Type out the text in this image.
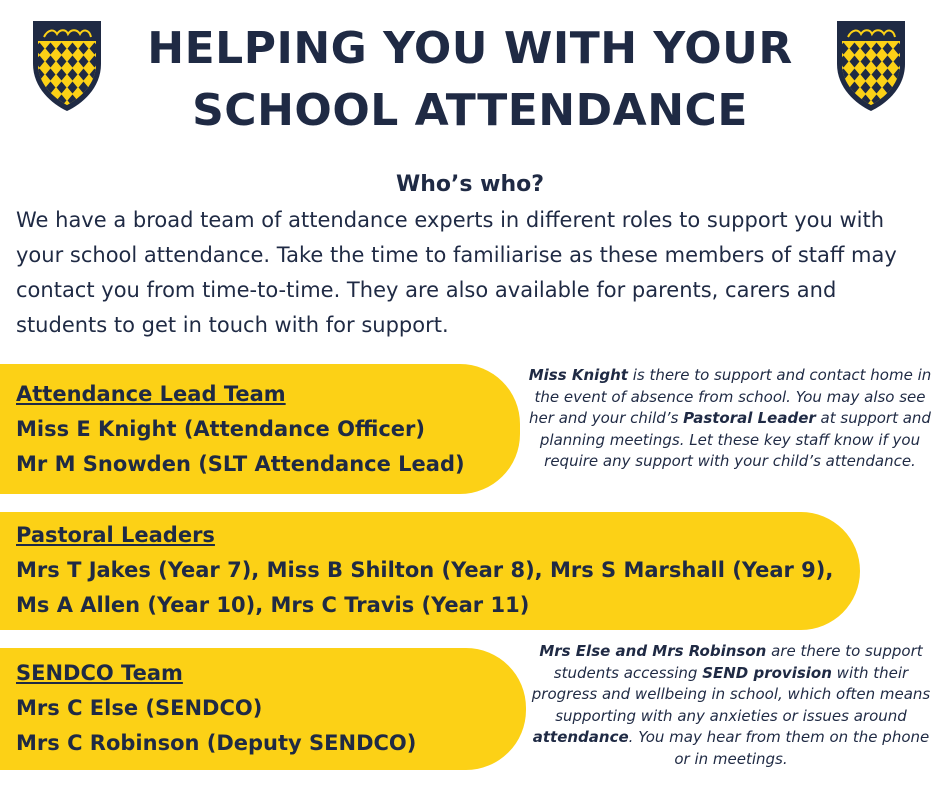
HELPING YOU WITH YOUR
SCHOOL ATTENDANCE
Who’s who?

We have a broad team of attendance experts in different roles to support you with your school attendance. Take the time to familiarise as these members of staff may contact you from time-to-time. They are also available for parents, carers and students to get in touch with for support.

Attendance Lead Team
Miss E Knight (Attendance Officer)
Mr M Snowden (SLT Attendance Lead)

Miss Knight is there to support and contact home in the event of absence from school. You may also see her and your child’s Pastoral Leader at support and planning meetings. Let these key staff know if you require any support with your child’s attendance.

Pastoral Leaders
Mrs T Jakes (Year 7), Miss B Shilton (Year 8), Mrs S Marshall (Year 9),
Ms A Allen (Year 10), Mrs C Travis (Year 11)
SENDCO Team
Mrs C Else (SENDCO)
Mrs C Robinson (Deputy SENDCO)

Mrs Else and Mrs Robinson are there to support students accessing SEND provision with their progress and wellbeing in school, which often means supporting with any anxieties or issues around attendance. You may hear from them on the phone or in meetings.
